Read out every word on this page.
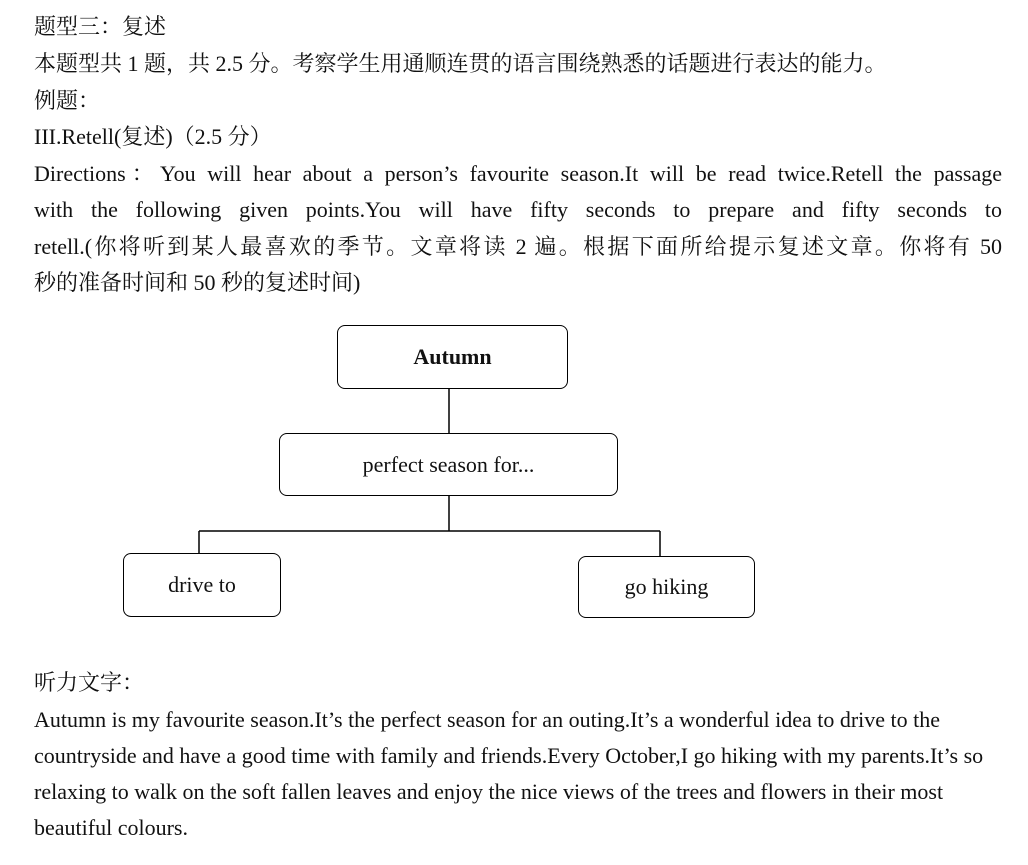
题型三：复述
本题型共 1 题，共 2.5 分。考察学生用通顺连贯的语言围绕熟悉的话题进行表达的能力。
例题：
III.Retell(复述)（2.5 分）
Directions：You will hear about a person’s favourite season.It will be read twice.Retell the passage
with the following given points.You will have fifty seconds to prepare and fifty seconds to
retell.(你将听到某人最喜欢的季节。文章将读 2 遍。根据下面所给提示复述文章。你将有 50
秒的准备时间和 50 秒的复述时间)
Autumn
perfect season for...
drive to	go hiking
听力文字：
Autumn is my favourite season.It’s the perfect season for an outing.It’s a wonderful idea to drive to the countryside and have a good time with family and friends.Every October,I go hiking with my parents.It’s so relaxing to walk on the soft fallen leaves and enjoy the nice views of the trees and flowers in their most beautiful colours.
